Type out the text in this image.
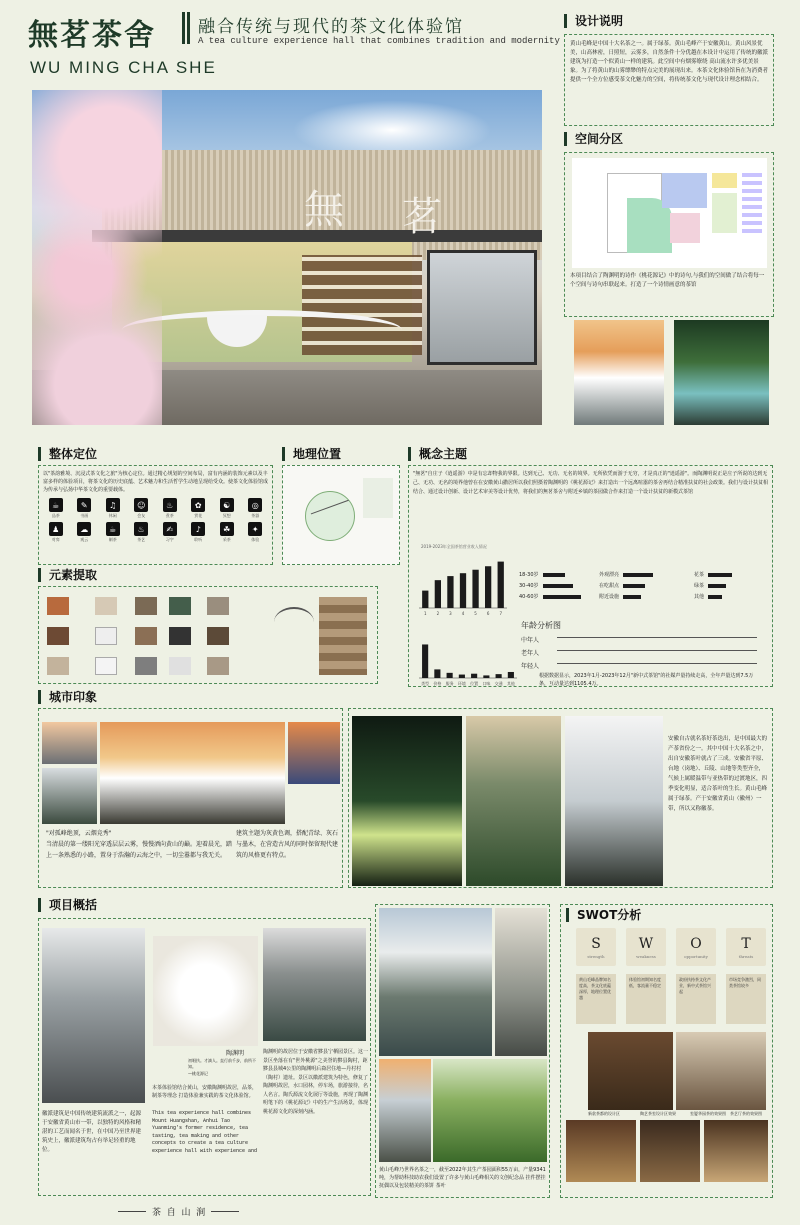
無茗茶舍
WU MING CHA SHE
融合传统与现代的茶文化体验馆
A tea culture experience hall that combines tradition and modernity
無 茗
设计说明
黄山毛峰是中国十大名茶之一。属于绿茶。黄山毛峰产于安徽黄山。黄山风景优美，山高林密，日照短，云雾多，自然条件十分优越在本设计中运用了传统的徽派建筑为打造一个似黄山一样的建筑。此空间中有烟雾缭绕 高山流水许多优美景象。为了将黄山的山雾缥缈的特点完美的展现出来。本茶文化体验馆旨在为消费者提供一个全方位感受茶文化魅力的空间，将传统茶文化与现代设计理念相结合。
空间分区
本项目结合了陶渊明的诗作《桃花源记》中的诗句,与我们的空间做了结合将每一个空间与诗句串联起来。打造了一个诗情画意的茶馆
整体定位
以"茶韵雅境、沉浸式茶文化之旅"为核心定位。通过精心规划的空间布局，富有内涵的装饰元素以及丰富多样的体验项目，将茶文化的历史底蕴、艺术魅力和生活哲学生动地呈现给受众。使茶文化体验馆成为传承与弘扬中华茶文化的重要载体。
☕
品茶
✎
书画
♫
休闲
☺
会友
♨
煮茶
✿
赏花
☯
冥想
◎
茶器
♟
对弈
☁
观云
☕
制茶
♨
茶艺
✍
习字
♪
聆听
☘
采茶
✦
体验
地理位置
元素提取
概念主题
"無茗"自庄子《逍遥游》中是有忘却物我的界限。达到无己、无功、无名的境界。无所依凭而游于无穷，才是真正的"逍遥游"。而陶渊明说正是庄子所说的达到无己、无功、无名的境界他曾在在安徽黄山撒居所以我们照摄着陶渊明的《桃花源记》来打造出一个远离喧嚣的茶舍再结合精准扶贫的社会政策。我们与设计扶贫相结合、通过设计创新、设计艺术审美等设计优势，将我们的無茗茶舍与附近乡镇的茶园做合作来打造一个设计扶贫的新模式茶馆
2019-2023年全国茶馆营业收入情况
1	2	3	4	5	6	7
类型 价格 服务 环境 位置 口味 交通 其他
18-30岁
30-40岁
40-60岁
外观漂亮
在吃甜点
附近设施
花茶
绿茶
其他
年龄分析图
中年人
老年人
年轻人
根据数据显示，2023年1月-2023年12月"新中式茶馆"的社媒声量持续走高，全年声量达到7.5万条，互动量达到1105.4万。
城市印象
"对孤峰绝顶，云烟竞秀"
当清晨的第一缕阳光穿透层层云雾，慢慢洒向黄山的巅。迎着晨光，踏上一条熟悉的小路，置身于浩瀚的云海之中，一切尘嚣都与我无关。
建筑主题为灰黄色调，搭配青绿、灰石与墨木，在营造古风的同时保留现代建筑的风格更有特点。
安徽自古就名茶好茶迭出，是中国最大的产茶省份之一。其中中国十大名茶之中，出自安徽茶叶就占了三成。安徽省平原、台地（岗地）、丘陵、山地等类型齐全，气候上属暖温带与亚热带的过渡地区，四季变化明显，适合茶叶的生长。黄山毛峰属于绿茶。产于安徽省黄山（徽州）一带，所以又称徽茶。
项目概括
徽派建筑是中国传统建筑流派之一，起源于安徽省黄山市一带，以独特的风格和精湛的工艺而闻名于世，在中国乃至世界建筑史上，徽派建筑均占有举足轻重的地位。
陶渊明
初唱扶。才滴人。直行前千步，前所不知。
—桃花源记
本茶体验馆结合黄山，安徽陶渊明故居，品茶，制茶等理念 打造体验兼实践的茶文化体验馆。
This tea experience hall combines Mount Huangshan, Anhui Tao Yuanming's former residence, tea tasting, tea making and other concepts to create a tea culture experience hall with experience and
陶渊明的故居位于安徽省黟县宁栖园景区。这一景区坐落在有"世外桃源"之美誉的黟县陶村，距黟县县城4公里的陶渊明后裔居住地—丹村村（陶村）遗址。景区以徽派建筑为特色，修复了陶渊明故居，水口园林，停车场，旅游接待，名人名言。陶氏源流文化展厅等设施，再现了陶渊明笔下的《桃花源记》中的生产生活场景，体现桃花源文化的深刻内涵。
黄山毛峰乃世界名茶之一，截至2022年其生产茶园面积55万亩，产量9341吨，为帮助科技助农我们设置了许多与黄山毛峰相关的文创纪念品 挂件摆挂 抚偶以及包装精美的茶饼 茶叶
SWOT分析
S
strength
W
weakness
O
opportunity
T
threats
黄山毛峰品牌知名度高，茶文化底蕴深厚，地理位置优越
体验馆初期知名度低，客流量不稳定
政府扶持茶文化产业，新中式茶馆兴起
市场竞争激烈，同类茶馆较多
新款茶都的设计区	陶艺茶室设计区效果	室厦华园茶的效果图 茶艺厅茶的效果图
茶  自  山  涧
